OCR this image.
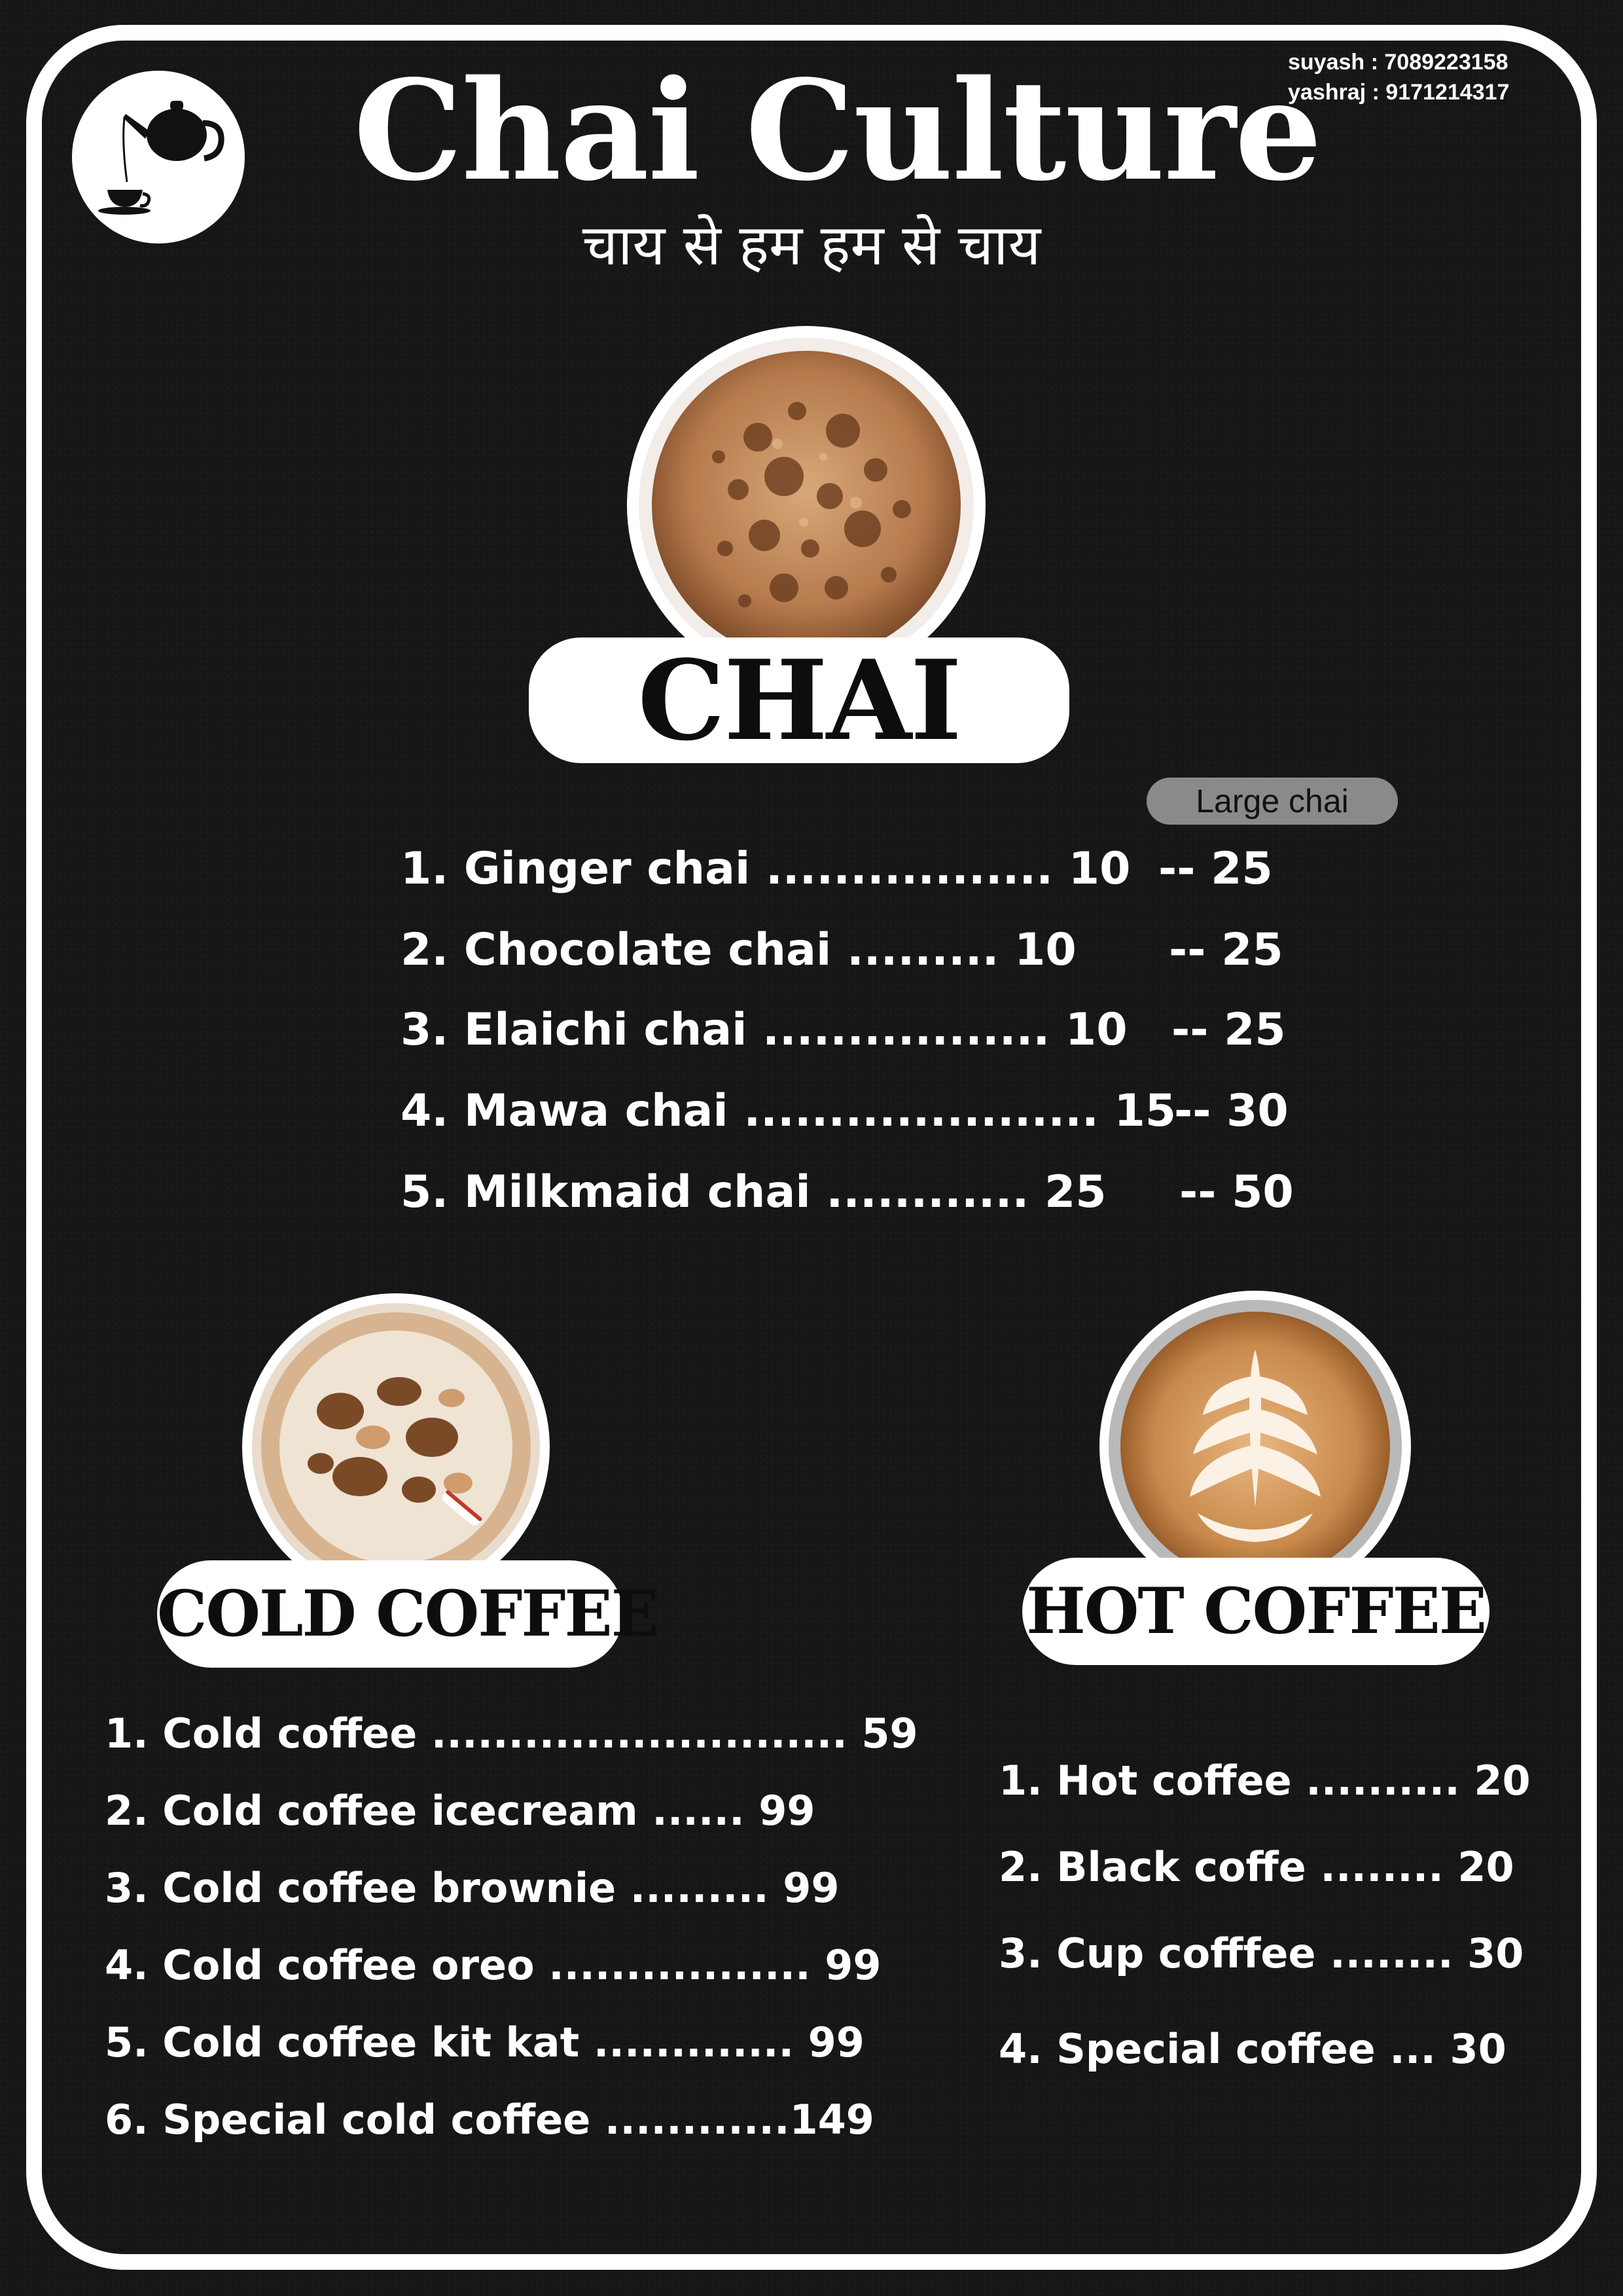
Chai Culture
चाय से हम हम से चाय
suyash : 7089223158
yashraj : 9171214317
CHAI
Large chai
1. Ginger chai ................. 10 -- 25
2. Chocolate chai ......... 10 -- 25
3. Elaichi chai ................. 10 -- 25
4. Mawa chai ..................... 15
-- 30
5. Milkmaid chai ............ 25 -- 50
COLD COFFEE
1. Cold coffee ........................... 59
2. Cold coffee icecream ...... 99
3. Cold coffee brownie ......... 99
4. Cold coffee oreo ................. 99
5. Cold coffee kit kat ............. 99
6. Special cold coffee ............149
HOT COFFEE
1. Hot coffee .......... 20
2. Black coffe ........ 20
3. Cup cofffee ........ 30
4. Special coffee ... 30
